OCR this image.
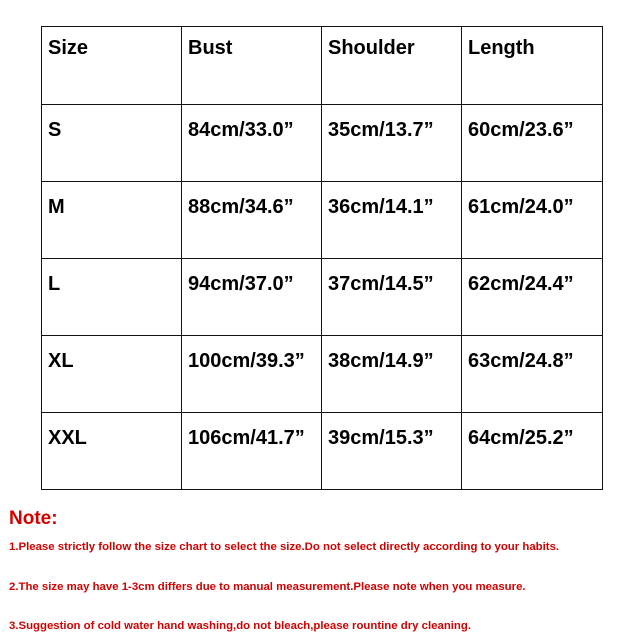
Size	Bust	Shoulder	Length
S	84cm/33.0”	35cm/13.7”	60cm/23.6”
M	88cm/34.6”	36cm/14.1”	61cm/24.0”
L	94cm/37.0”	37cm/14.5”	62cm/24.4”
XL	100cm/39.3”	38cm/14.9”	63cm/24.8”
XXL	106cm/41.7”	39cm/15.3”	64cm/25.2”
Note:
1.Please strictly follow the size chart to select the size.Do not select directly according to your habits.
2.The size may have 1-3cm differs due to manual measurement.Please note when you measure.
3.Suggestion of cold water hand washing,do not bleach,please rountine dry cleaning.
